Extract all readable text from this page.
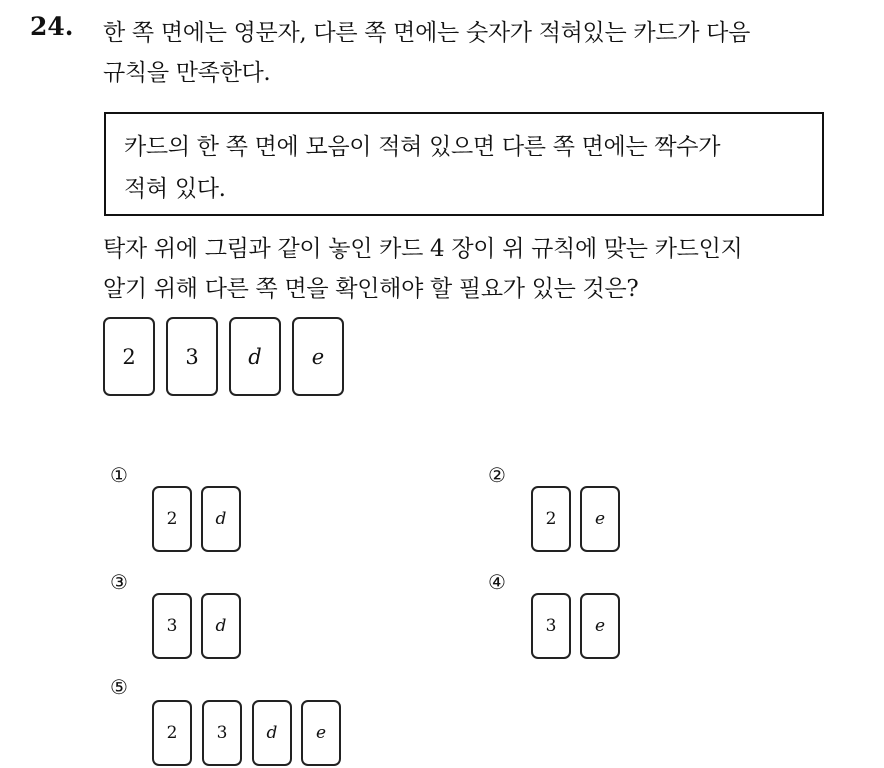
24. 한 쪽 면에는 영문자, 다른 쪽 면에는 숫자가 적혀있는 카드가 다음
규칙을 만족한다.
카드의 한 쪽 면에 모음이 적혀 있으면 다른 쪽 면에는 짝수가
적혀 있다.
탁자 위에 그림과 같이 놓인 카드 4 장이 위 규칙에 맞는 카드인지
알기 위해 다른 쪽 면을 확인해야 할 필요가 있는 것은?
2	3	d	e
①
2	d
②
2	e
③
3	d
④
3	e
⑤
2	3	d	e
